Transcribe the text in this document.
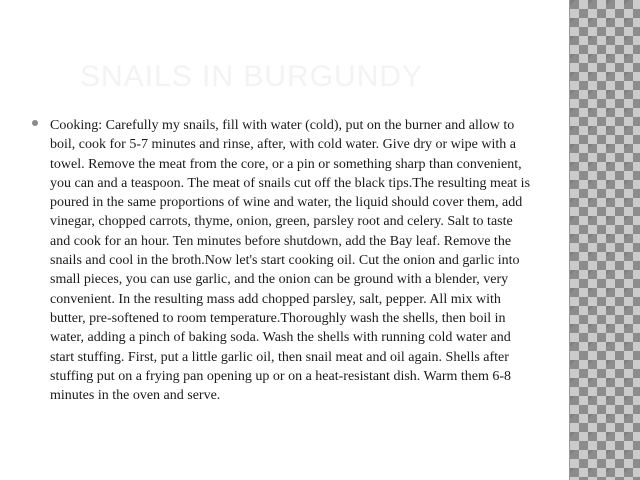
SNAILS IN BURGUNDY
Cooking: Carefully my snails, fill with water (cold), put on the burner and allow to boil, cook for 5-7 minutes and rinse, after, with cold water. Give dry or wipe with a towel. Remove the meat from the core, or a pin or something sharp than convenient, you can and a teaspoon. The meat of snails cut off the black tips.The resulting meat is poured in the same proportions of wine and water, the liquid should cover them, add vinegar, chopped carrots, thyme, onion, green, parsley root and celery. Salt to taste and cook for an hour. Ten minutes before shutdown, add the Bay leaf. Remove the snails and cool in the broth.Now let's start cooking oil. Cut the onion and garlic into small pieces, you can use garlic, and the onion can be ground with a blender, very convenient. In the resulting mass add chopped parsley, salt, pepper. All mix with butter, pre-softened to room temperature.Thoroughly wash the shells, then boil in water, adding a pinch of baking soda. Wash the shells with running cold water and start stuffing. First, put a little garlic oil, then snail meat and oil again. Shells after stuffing put on a frying pan opening up or on a heat-resistant dish. Warm them 6-8 minutes in the oven and serve.
